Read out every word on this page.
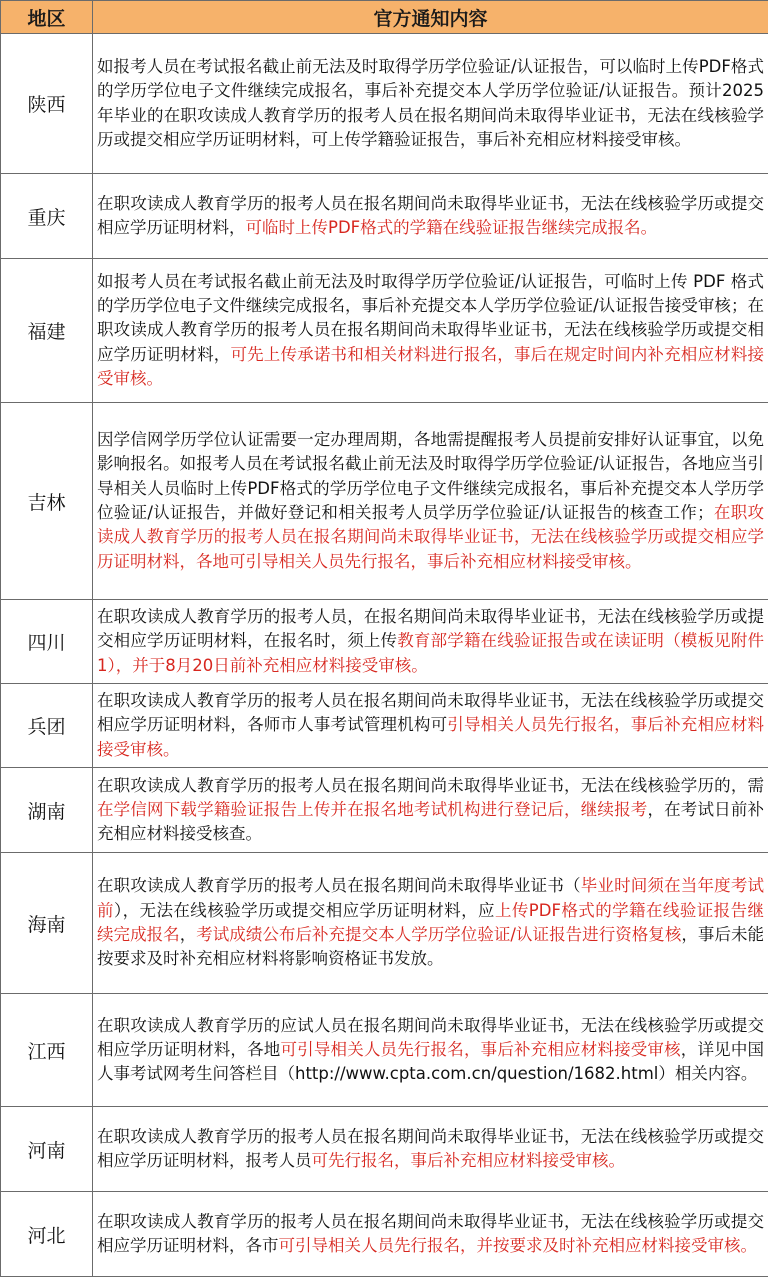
地区	官方通知内容
陕西	如报考人员在考试报名截止前无法及时取得学历学位验证/认证报告，可以临时上传PDF格式的学历学位电子文件继续完成报名，事后补充提交本人学历学位验证/认证报告。预计2025年毕业的在职攻读成人教育学历的报考人员在报名期间尚未取得毕业证书，无法在线核验学历或提交相应学历证明材料，可上传学籍验证报告，事后补充相应材料接受审核。
重庆	在职攻读成人教育学历的报考人员在报名期间尚未取得毕业证书，无法在线核验学历或提交相应学历证明材料，可临时上传PDF格式的学籍在线验证报告继续完成报名。
福建	如报考人员在考试报名截止前无法及时取得学历学位验证/认证报告，可临时上传 PDF 格式的学历学位电子文件继续完成报名，事后补充提交本人学历学位验证/认证报告接受审核；在职攻读成人教育学历的报考人员在报名期间尚未取得毕业证书，无法在线核验学历或提交相应学历证明材料，可先上传承诺书和相关材料进行报名，事后在规定时间内补充相应材料接受审核。
吉林	因学信网学历学位认证需要一定办理周期，各地需提醒报考人员提前安排好认证事宜，以免影响报名。如报考人员在考试报名截止前无法及时取得学历学位验证/认证报告，各地应当引导相关人员临时上传PDF格式的学历学位电子文件继续完成报名，事后补充提交本人学历学位验证/认证报告，并做好登记和相关报考人员学历学位验证/认证报告的核查工作；在职攻读成人教育学历的报考人员在报名期间尚未取得毕业证书，无法在线核验学历或提交相应学历证明材料，各地可引导相关人员先行报名，事后补充相应材料接受审核。
四川	在职攻读成人教育学历的报考人员，在报名期间尚未取得毕业证书，无法在线核验学历或提交相应学历证明材料，在报名时，须上传教育部学籍在线验证报告或在读证明（模板见附件1），并于8月20日前补充相应材料接受审核。
兵团	在职攻读成人教育学历的报考人员在报名期间尚未取得毕业证书，无法在线核验学历或提交相应学历证明材料，各师市人事考试管理机构可引导相关人员先行报名，事后补充相应材料接受审核。
湖南	在职攻读成人教育学历的报考人员在报名期间尚未取得毕业证书，无法在线核验学历的，需在学信网下载学籍验证报告上传并在报名地考试机构进行登记后，继续报考，在考试日前补充相应材料接受核查。
海南	在职攻读成人教育学历的报考人员在报名期间尚未取得毕业证书（毕业时间须在当年度考试前），无法在线核验学历或提交相应学历证明材料，应上传PDF格式的学籍在线验证报告继续完成报名，考试成绩公布后补充提交本人学历学位验证/认证报告进行资格复核，事后未能按要求及时补充相应材料将影响资格证书发放。
江西	在职攻读成人教育学历的应试人员在报名期间尚未取得毕业证书，无法在线核验学历或提交相应学历证明材料，各地可引导相关人员先行报名，事后补充相应材料接受审核，详见中国人事考试网考生问答栏目（http://www.cpta.com.cn/question/1682.html）相关内容。
河南	在职攻读成人教育学历的报考人员在报名期间尚未取得毕业证书，无法在线核验学历或提交相应学历证明材料，报考人员可先行报名，事后补充相应材料接受审核。
河北	在职攻读成人教育学历的报考人员在报名期间尚未取得毕业证书，无法在线核验学历或提交相应学历证明材料，各市可引导相关人员先行报名，并按要求及时补充相应材料接受审核。
